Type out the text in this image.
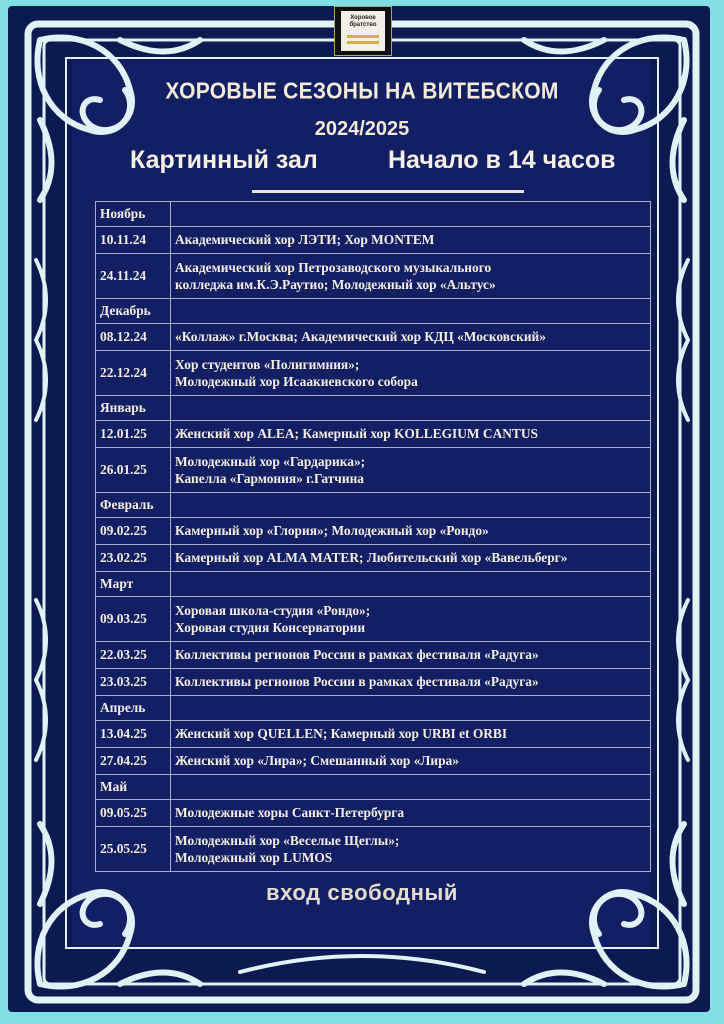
Хоровое
братство
ХОРОВЫЕ СЕЗОНЫ НА ВИТЕБСКОМ
2024/2025
Картинный зал	Начало в 14 часов
Ноябрь	
10.11.24	Академический хор ЛЭТИ; Хор MONTEM

24.11.24	Академический хор Петрозаводского музыкального
колледжа им.К.Э.Раутио; Молодежный хор «Альтус»

Декабрь	
08.12.24	«Коллаж» г.Москва; Академический хор КДЦ «Московский»

22.12.24	Хор студентов «Полигимния»;
Молодежный хор Исаакиевского собора

Январь	
12.01.25	Женский хор ALEA; Камерный хор KOLLEGIUM CANTUS

26.01.25	Молодежный хор «Гардарика»;
Капелла «Гармония» г.Гатчина

Февраль	
09.02.25	Камерный хор «Глория»; Молодежный хор «Рондо»

23.02.25	Камерный хор ALMA MATER; Любительский хор «Вавельберг»

Март	
09.03.25	Хоровая школа-студия «Рондо»;
Хоровая студия Консерватории

22.03.25	Коллективы регионов России в рамках фестиваля «Радуга»

23.03.25	Коллективы регионов России в рамках фестиваля «Радуга»

Апрель	
13.04.25	Женский хор QUELLEN; Камерный хор URBI et ORBI

27.04.25	Женский хор «Лира»; Смешанный хор «Лира»

Май	
09.05.25	Молодежные хоры Санкт-Петербурга

25.05.25	Молодежный хор «Веселые Щеглы»;
Молодежный хор LUMOS
вход свободный
